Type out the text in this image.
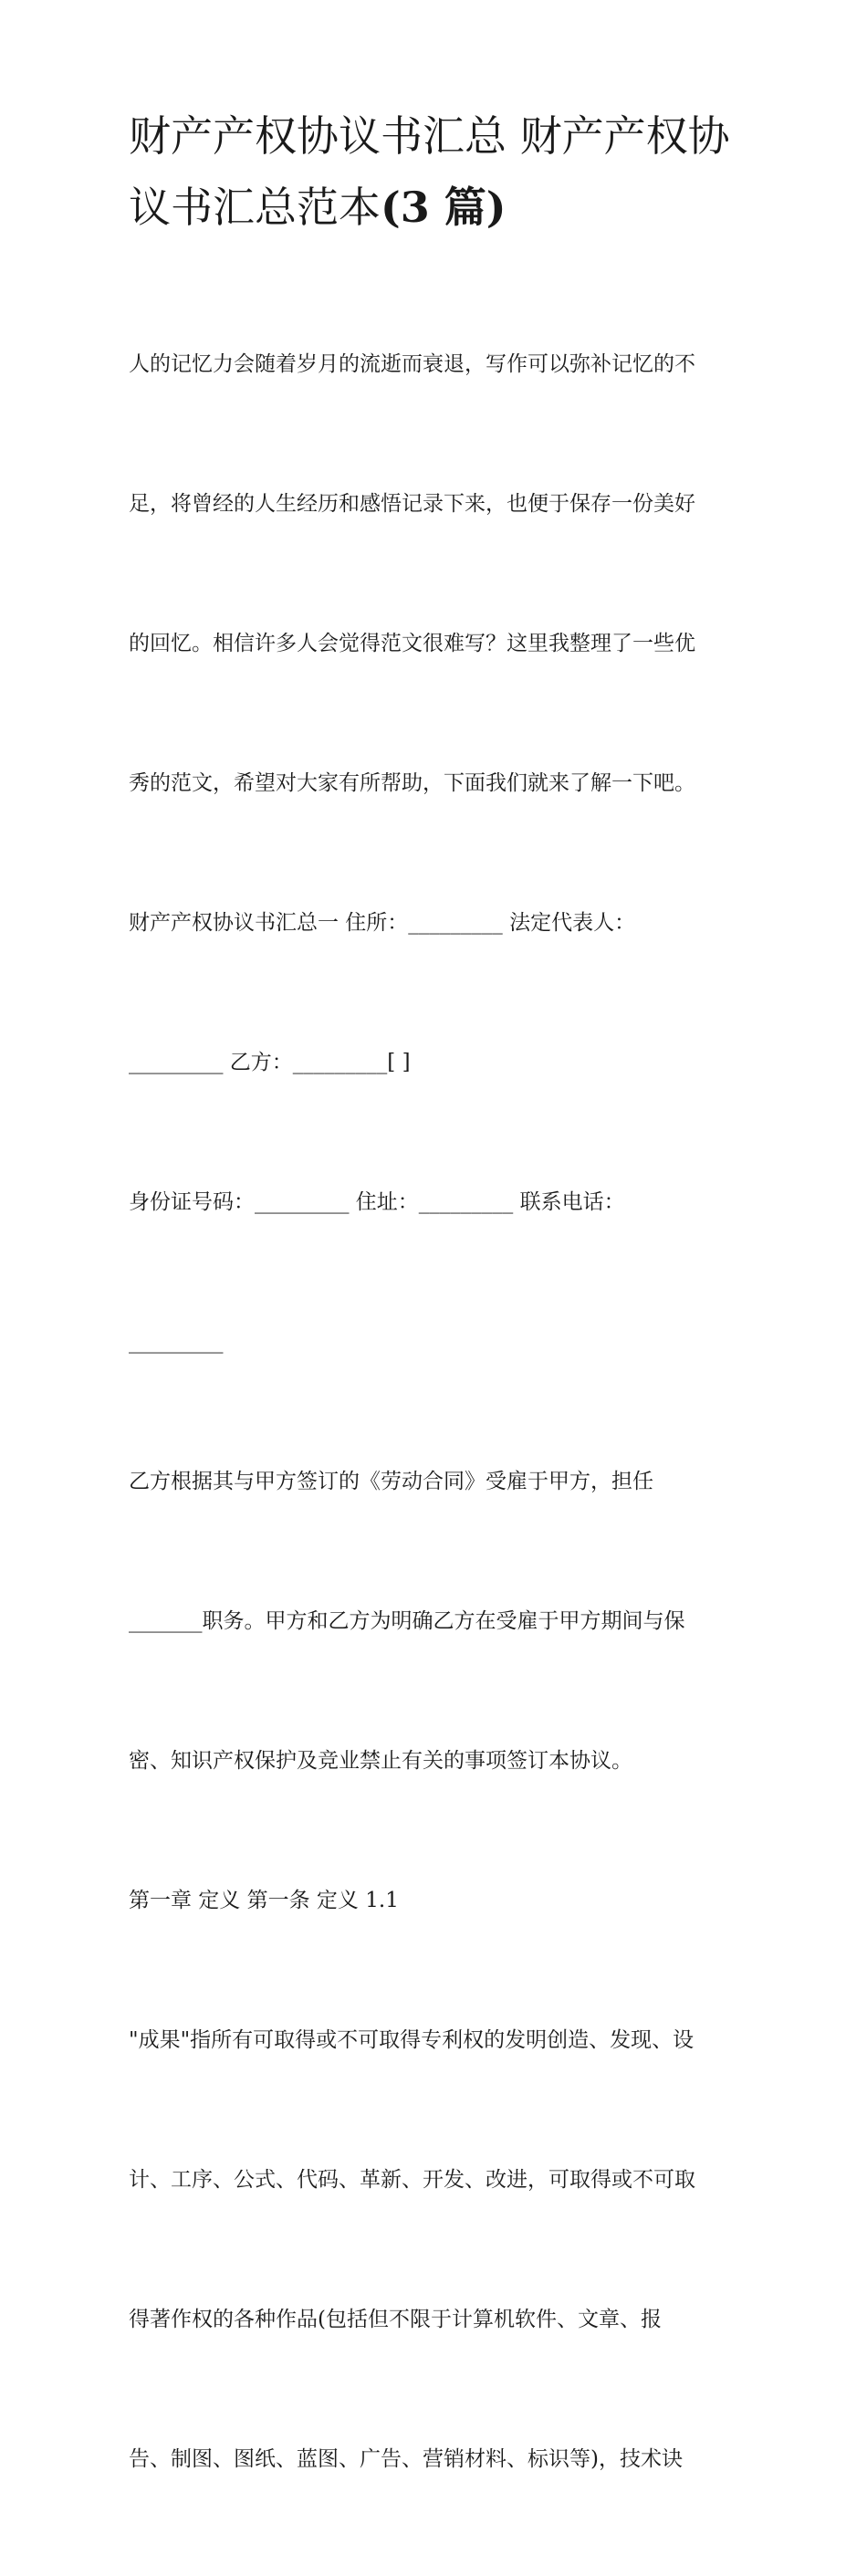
财产产权协议书汇总 财产产权协议书汇总范本(3 篇)

人的记忆力会随着岁月的流逝而衰退，写作可以弥补记忆的不

足，将曾经的人生经历和感悟记录下来，也便于保存一份美好

的回忆。相信许多人会觉得范文很难写？这里我整理了一些优

秀的范文，希望对大家有所帮助，下面我们就来了解一下吧。

财产产权协议书汇总一 住所：_________ 法定代表人：

_________ 乙方：_________[ ]

身份证号码：_________ 住址：_________ 联系电话：

_________

乙方根据其与甲方签订的《劳动合同》受雇于甲方，担任

_______职务。甲方和乙方为明确乙方在受雇于甲方期间与保

密、知识产权保护及竞业禁止有关的事项签订本协议。

第一章 定义 第一条 定义 1.1

"成果"指所有可取得或不可取得专利权的发明创造、发现、设

计、工序、公式、代码、革新、开发、改进，可取得或不可取

得著作权的各种作品(包括但不限于计算机软件、文章、报

告、制图、图纸、蓝图、广告、营销材料、标识等)，技术诀
